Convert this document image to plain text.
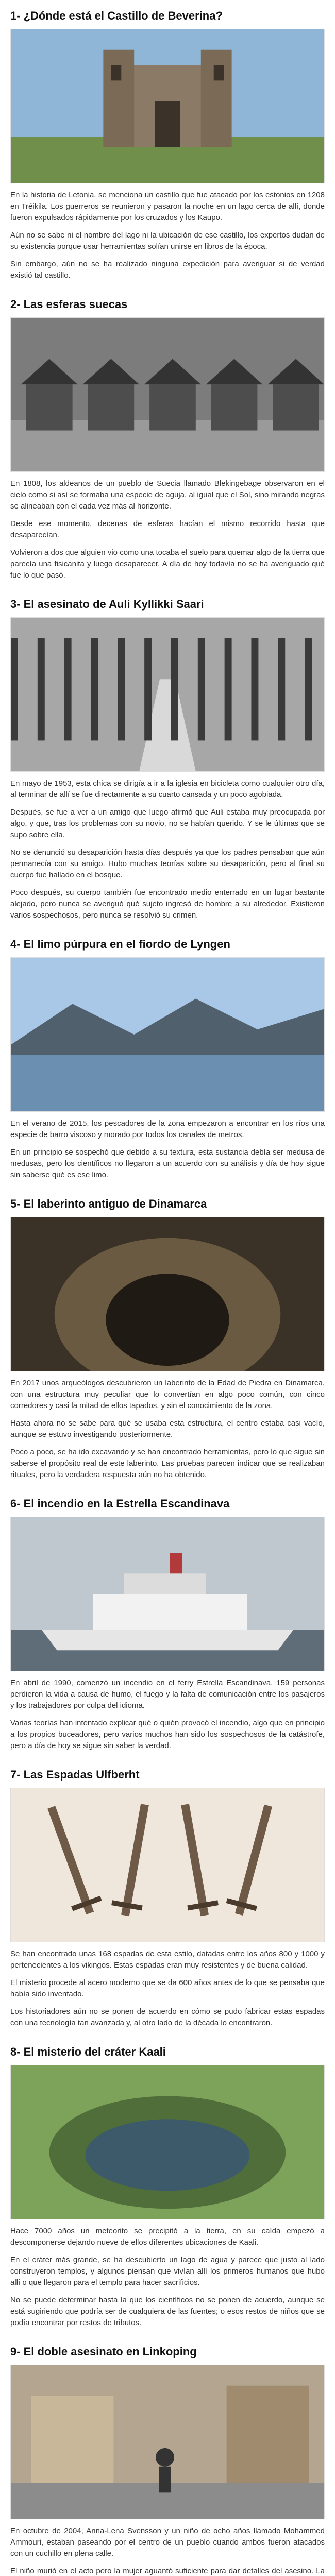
1- ¿Dónde está el Castillo de Beverina?

En la historia de Letonia, se menciona un castillo que fue atacado por los estonios en 1208 en Tréikila. Los guerreros se reunieron y pasaron la noche en un lago cerca de allí, donde fueron expulsados rápidamente por los cruzados y los Kaupo.

Aún no se sabe ni el nombre del lago ni la ubicación de ese castillo, los expertos dudan de su existencia porque usar herramientas solían unirse en libros de la época.

Sin embargo, aún no se ha realizado ninguna expedición para averiguar si de verdad existió tal castillo.

2- Las esferas suecas

En 1808, los aldeanos de un pueblo de Suecia llamado Blekingebage observaron en el cielo como si así se formaba una especie de aguja, al igual que el Sol, sino mirando negras se alineaban con el cada vez más al horizonte.

Desde ese momento, decenas de esferas hacían el mismo recorrido hasta que desaparecían.

Volvieron a dos que alguien vio como una tocaba el suelo para quemar algo de la tierra que parecía una fisicanita y luego desaparecer. A día de hoy todavía no se ha averiguado qué fue lo que pasó.

3- El asesinato de Auli Kyllikki Saari

En mayo de 1953, esta chica se dirigía a ir a la iglesia en bicicleta como cualquier otro día, al terminar de allí se fue directamente a su cuarto cansada y un poco agobiada.

Después, se fue a ver a un amigo que luego afirmó que Auli estaba muy preocupada por algo, y que, tras los problemas con su novio, no se habían querido. Y se le últimas que se supo sobre ella.

No se denunció su desaparición hasta días después ya que los padres pensaban que aún permanecía con su amigo. Hubo muchas teorías sobre su desaparición, pero al final su cuerpo fue hallado en el bosque.

Poco después, su cuerpo también fue encontrado medio enterrado en un lugar bastante alejado, pero nunca se averiguó qué sujeto ingresó de hombre a su alrededor. Existieron varios sospechosos, pero nunca se resolvió su crimen.

4- El limo púrpura en el fiordo de Lyngen

En el verano de 2015, los pescadores de la zona empezaron a encontrar en los ríos una especie de barro viscoso y morado por todos los canales de metros.

En un principio se sospechó que debido a su textura, esta sustancia debía ser medusa de medusas, pero los científicos no llegaron a un acuerdo con su análisis y día de hoy sigue sin saberse qué es ese limo.

5- El laberinto antiguo de Dinamarca

En 2017 unos arqueólogos descubrieron un laberinto de la Edad de Piedra en Dinamarca, con una estructura muy peculiar que lo convertían en algo poco común, con cinco corredores y casi la mitad de ellos tapados, y sin el conocimiento de la zona.

Hasta ahora no se sabe para qué se usaba esta estructura, el centro estaba casi vacío, aunque se estuvo investigando posteriormente.

Poco a poco, se ha ido excavando y se han encontrado herramientas, pero lo que sigue sin saberse el propósito real de este laberinto. Las pruebas parecen indicar que se realizaban rituales, pero la verdadera respuesta aún no ha obtenido.

6- El incendio en la Estrella Escandinava

En abril de 1990, comenzó un incendio en el ferry Estrella Escandinava. 159 personas perdieron la vida a causa de humo, el fuego y la falta de comunicación entre los pasajeros y los trabajadores por culpa del idioma.

Varias teorías han intentado explicar qué o quién provocó el incendio, algo que en principio a los propios buceadores, pero varios muchos han sido los sospechosos de la catástrofe, pero a día de hoy se sigue sin saber la verdad.

7- Las Espadas Ulfberht

Se han encontrado unas 168 espadas de esta estilo, datadas entre los años 800 y 1000 y pertenecientes a los vikingos. Estas espadas eran muy resistentes y de buena calidad.

El misterio procede al acero moderno que se da 600 años antes de lo que se pensaba que había sido inventado.

Los historiadores aún no se ponen de acuerdo en cómo se pudo fabricar estas espadas con una tecnología tan avanzada y, al otro lado de la década lo encontraron.

8- El misterio del cráter Kaali

Hace 7000 años un meteorito se precipitó a la tierra, en su caída empezó a descomponerse dejando nueve de ellos diferentes ubicaciones de Kaali.

En el cráter más grande, se ha descubierto un lago de agua y parece que justo al lado construyeron templos, y algunos piensan que vivían allí los primeros humanos que hubo allí o que llegaron para el templo para hacer sacrificios.

No se puede determinar hasta la que los científicos no se ponen de acuerdo, aunque se está sugiriendo que podría ser de cualquiera de las fuentes; o esos restos de niños que se podía encontrar por restos de tributos.

9- El doble asesinato en Linkoping

En octubre de 2004, Anna-Lena Svensson y un niño de ocho años llamado Mohammed Ammouri, estaban paseando por el centro de un pueblo cuando ambos fueron atacados con un cuchillo en plena calle.

El niño murió en el acto pero la mujer aguantó suficiente para dar detalles del asesino. La
